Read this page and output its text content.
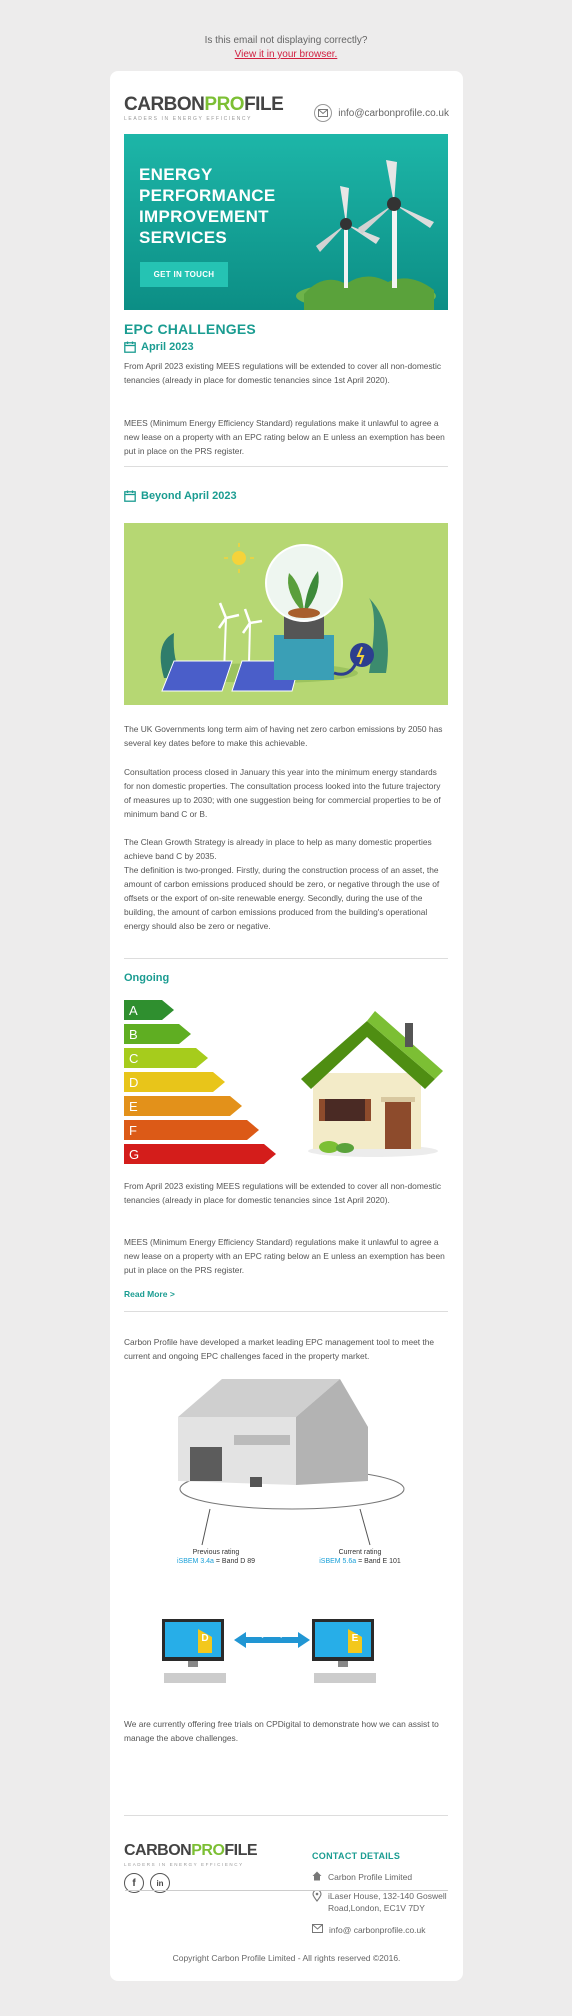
Is this email not displaying correctly?
View it in your browser.
CARBONPROFILE
LEADERS IN ENERGY EFFICIENCY
info@carbonprofile.co.uk
ENERGY
PERFORMANCE
IMPROVEMENT
SERVICES
GET IN TOUCH
EPC CHALLENGES
April 2023
From April 2023 existing MEES regulations will be extended to cover all non-domestic tenancies (already in place for domestic tenancies since 1st April 2020).
MEES (Minimum Energy Efficiency Standard) regulations make it unlawful to agree a new lease on a property with an EPC rating below an E unless an exemption has been put in place on the PRS register.
Beyond April 2023
The UK Governments long term aim of having net zero carbon emissions by 2050 has several key dates before to make this achievable.
Consultation process closed in January this year into the minimum energy standards for non domestic properties. The consultation process looked into the future trajectory of measures up to 2030; with one suggestion being for commercial properties to be of minimum band C or B.
The Clean Growth Strategy is already in place to help as many domestic properties achieve band C by 2035.
The definition is two-pronged. Firstly, during the construction process of an asset, the amount of carbon emissions produced should be zero, or negative through the use of offsets or the export of on-site renewable energy. Secondly, during the use of the building, the amount of carbon emissions produced from the building's operational energy should also be zero or negative.
Ongoing
A
B
C
D
E
F
G
From April 2023 existing MEES regulations will be extended to cover all non-domestic tenancies (already in place for domestic tenancies since 1st April 2020).
MEES (Minimum Energy Efficiency Standard) regulations make it unlawful to agree a new lease on a property with an EPC rating below an E unless an exemption has been put in place on the PRS register.
Read More >
Carbon Profile have developed a market leading EPC management tool to meet the current and ongoing EPC challenges faced in the property market.
Previous rating
iSBEM 3.4a = Band D 89
Current rating
iSBEM 5.6a = Band E 101
10 years span
D	E
We are currently offering free trials on CPDigital to demonstrate how we can assist to manage the above challenges.
CARBONPROFILE
LEADERS IN ENERGY EFFICIENCY
f	in
CONTACT DETAILS
Carbon Profile Limited
iLaser House, 132-140 Goswell Road,London, EC1V 7DY
info@ carbonprofile.co.uk
Copyright Carbon Profile Limited - All rights reserved ©2016.
